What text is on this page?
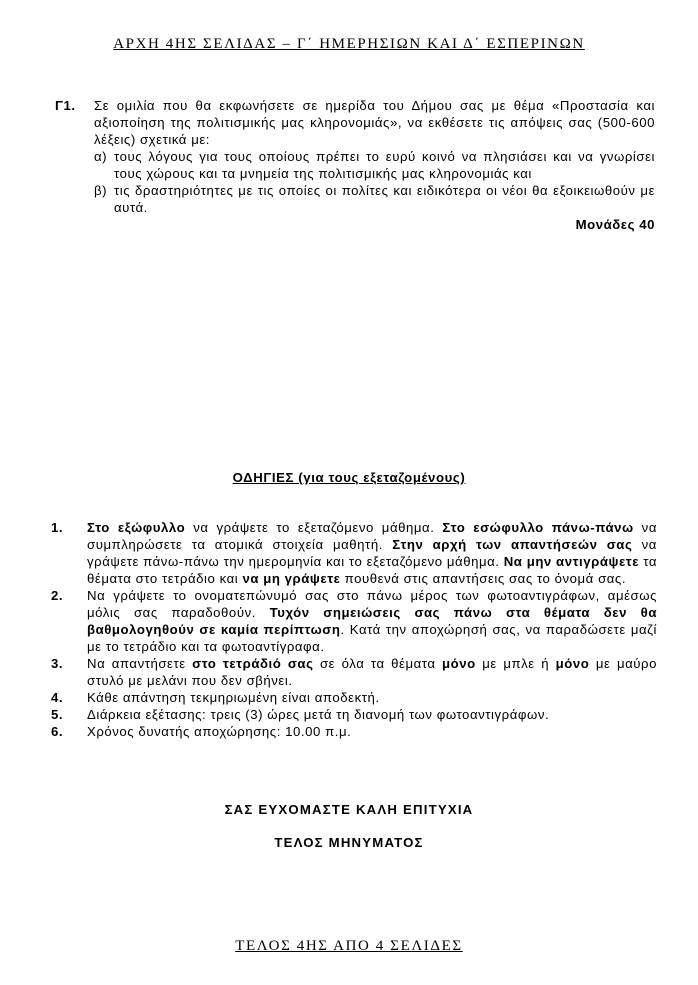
ΑΡΧΗ 4ΗΣ ΣΕΛΙΔΑΣ – Γ΄ ΗΜΕΡΗΣΙΩΝ ΚΑΙ Δ΄ ΕΣΠΕΡΙΝΩΝ
Γ1. Σε ομιλία που θα εκφωνήσετε σε ημερίδα του Δήμου σας με θέμα «Προστασία και αξιοποίηση της πολιτισμικής μας κληρονομιάς», να εκθέσετε τις απόψεις σας (500-600 λέξεις) σχετικά με:

α) τους λόγους για τους οποίους πρέπει το ευρύ κοινό να πλησιάσει και να γνωρίσει τους χώρους και τα μνημεία της πολιτισμικής μας κληρονομιάς και
β) τις δραστηριότητες με τις οποίες οι πολίτες και ειδικότερα οι νέοι θα εξοικειωθούν με αυτά.
Μονάδες 40
ΟΔΗΓΙΕΣ (για τους εξεταζομένους)
1. Στο εξώφυλλο να γράψετε το εξεταζόμενο μάθημα. Στο εσώφυλλο πάνω-πάνω να συμπληρώσετε τα ατομικά στοιχεία μαθητή. Στην αρχή των απαντήσεών σας να γράψετε πάνω-πάνω την ημερομηνία και το εξεταζόμενο μάθημα. Να μην αντιγράψετε τα θέματα στο τετράδιο και να μη γράψετε πουθενά στις απαντήσεις σας το όνομά σας.
2. Να γράψετε το ονοματεπώνυμό σας στο πάνω μέρος των φωτοαντιγράφων, αμέσως μόλις σας παραδοθούν. Τυχόν σημειώσεις σας πάνω στα θέματα δεν θα βαθμολογηθούν σε καμία περίπτωση. Κατά την αποχώρησή σας, να παραδώσετε μαζί με το τετράδιο και τα φωτοαντίγραφα.
3. Να απαντήσετε στο τετράδιό σας σε όλα τα θέματα μόνο με μπλε ή μόνο με μαύρο στυλό με μελάνι που δεν σβήνει.
4. Κάθε απάντηση τεκμηριωμένη είναι αποδεκτή.
5. Διάρκεια εξέτασης: τρεις (3) ώρες μετά τη διανομή των φωτοαντιγράφων.
6. Χρόνος δυνατής αποχώρησης: 10.00 π.μ.
ΣΑΣ ΕΥΧΟΜΑΣΤΕ ΚΑΛΗ ΕΠΙΤΥΧΙΑ
ΤΕΛΟΣ ΜΗΝΥΜΑΤΟΣ
ΤΕΛΟΣ 4ΗΣ ΑΠΟ 4 ΣΕΛΙΔΕΣ
